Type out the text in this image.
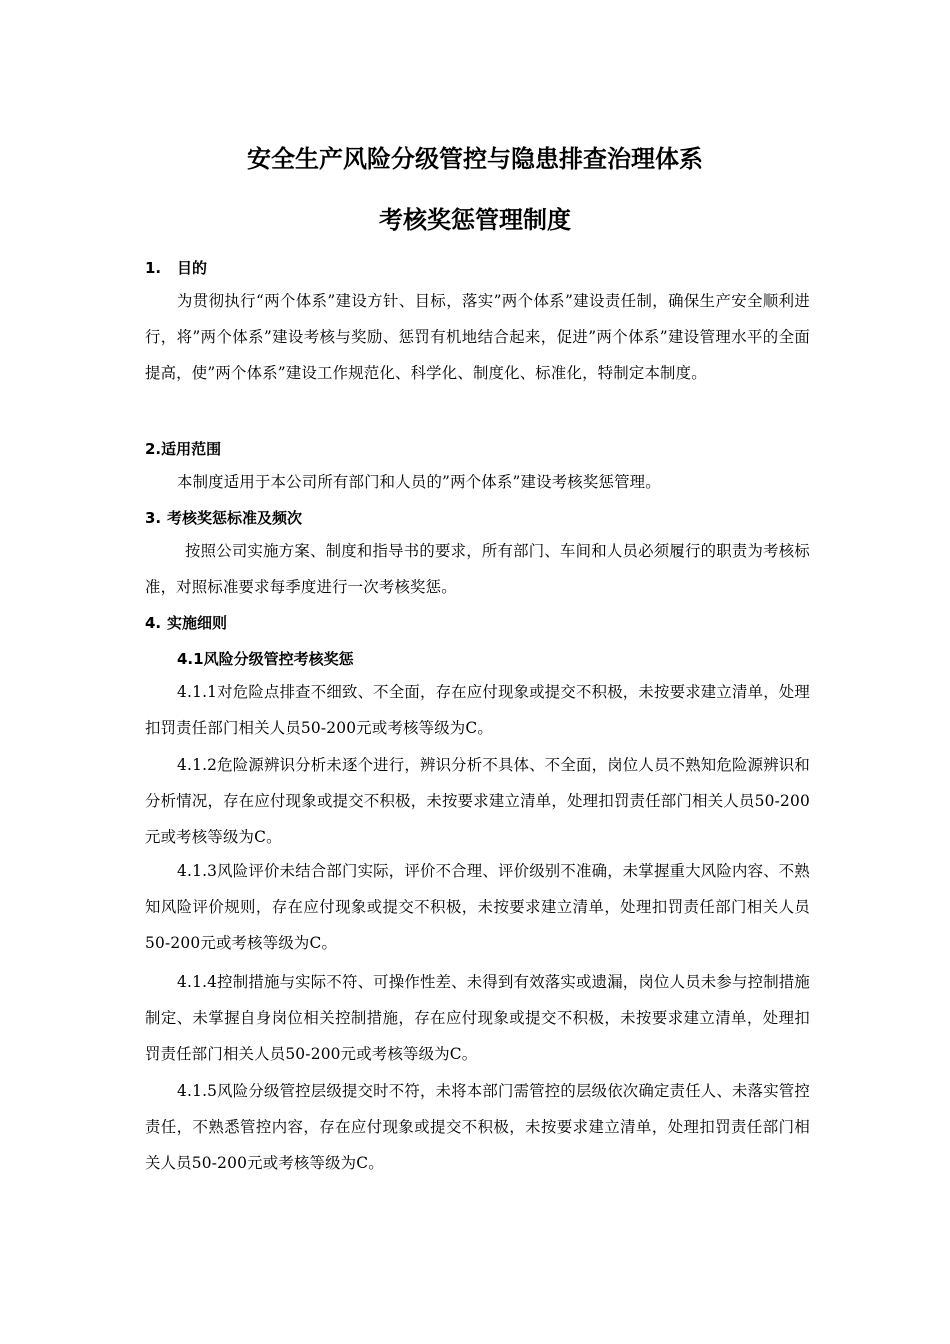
安全生产风险分级管控与隐患排查治理体系
考核奖惩管理制度
1. 目的

为贯彻执行“两个体系”建设方针、目标，落实”两个体系”建设责任制，确保生产安全顺利进行，将”两个体系”建设考核与奖励、惩罚有机地结合起来，促进”两个体系”建设管理水平的全面提高，使”两个体系”建设工作规范化、科学化、制度化、标准化，特制定本制度。

2.适用范围

本制度适用于本公司所有部门和人员的”两个体系”建设考核奖惩管理。

3. 考核奖惩标准及频次

按照公司实施方案、制度和指导书的要求，所有部门、车间和人员必须履行的职责为考核标准，对照标准要求每季度进行一次考核奖惩。

4. 实施细则
4.1风险分级管控考核奖惩

4.1.1对危险点排查不细致、不全面，存在应付现象或提交不积极，未按要求建立清单，处理扣罚责任部门相关人员50-200元或考核等级为C。

4.1.2危险源辨识分析未逐个进行，辨识分析不具体、不全面，岗位人员不熟知危险源辨识和分析情况，存在应付现象或提交不积极，未按要求建立清单，处理扣罚责任部门相关人员50-200元或考核等级为C。

4.1.3风险评价未结合部门实际，评价不合理、评价级别不准确，未掌握重大风险内容、不熟知风险评价规则，存在应付现象或提交不积极，未按要求建立清单，处理扣罚责任部门相关人员50-200元或考核等级为C。

4.1.4控制措施与实际不符、可操作性差、未得到有效落实或遗漏，岗位人员未参与控制措施制定、未掌握自身岗位相关控制措施，存在应付现象或提交不积极，未按要求建立清单，处理扣罚责任部门相关人员50-200元或考核等级为C。

4.1.5风险分级管控层级提交时不符，未将本部门需管控的层级依次确定责任人、未落实管控责任，不熟悉管控内容，存在应付现象或提交不积极，未按要求建立清单，处理扣罚责任部门相关人员50-200元或考核等级为C。
